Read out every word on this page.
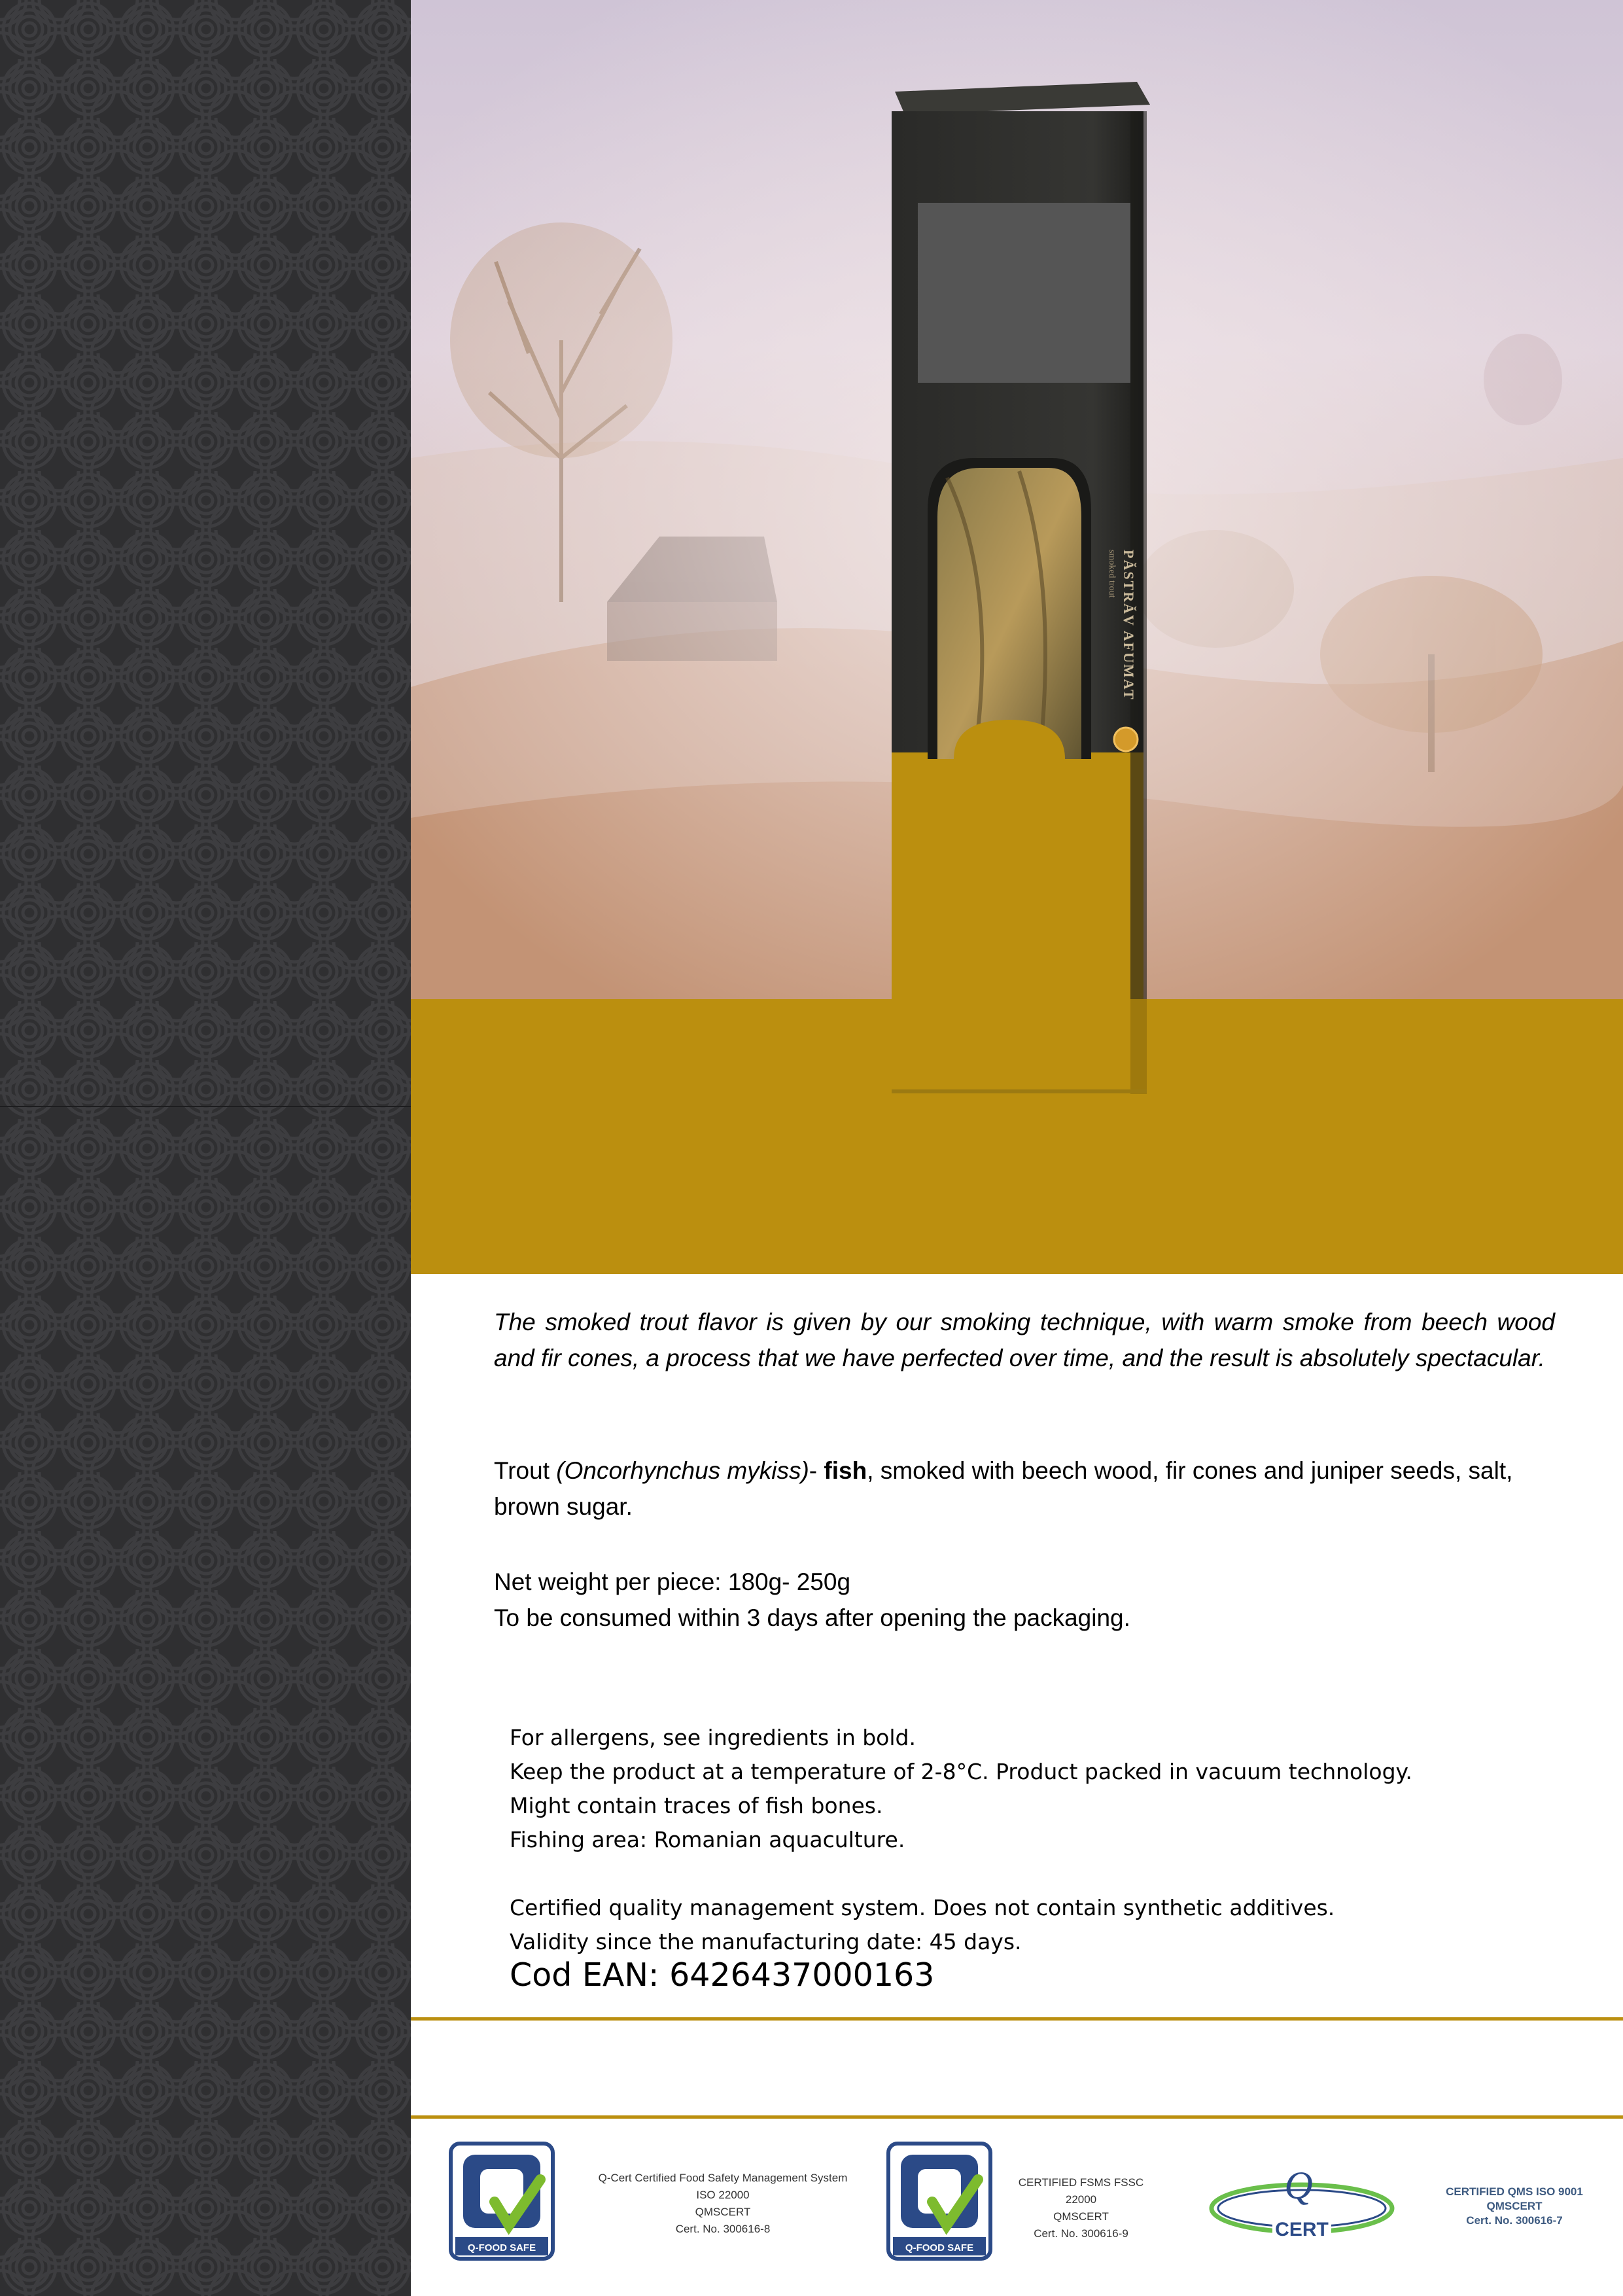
PĂSTRĂV AFUMAT
smoked trout
The smoked trout flavor is given by our smoking technique, with warm smoke from beech wood and fir cones, a process that we have perfected over time, and the result is absolutely spectacular.
Trout (Oncorhynchus mykiss)- fish, smoked with beech wood, fir cones and juniper seeds, salt, brown sugar.
Net weight per piece: 180g- 250g
To be consumed within 3 days after opening the packaging.
For allergens, see ingredients in bold.
Keep the product at a temperature of 2-8°C. Product packed in vacuum technology.
Might contain traces of fish bones.
Fishing area: Romanian aquaculture.
Certified quality management system. Does not contain synthetic additives.
Validity since the manufacturing date: 45 days.
Cod EAN: 6426437000163
Q-FOOD SAFE
Q-Cert Certified Food Safety Management System
ISO 22000
QMSCERT
Cert. No. 300616-8
Q-FOOD SAFE
CERTIFIED FSMS FSSC 22000
QMSCERT
Cert. No. 300616-9
Q
CERT
CERTIFIED QMS ISO 9001
QMSCERT
Cert. No. 300616-7
